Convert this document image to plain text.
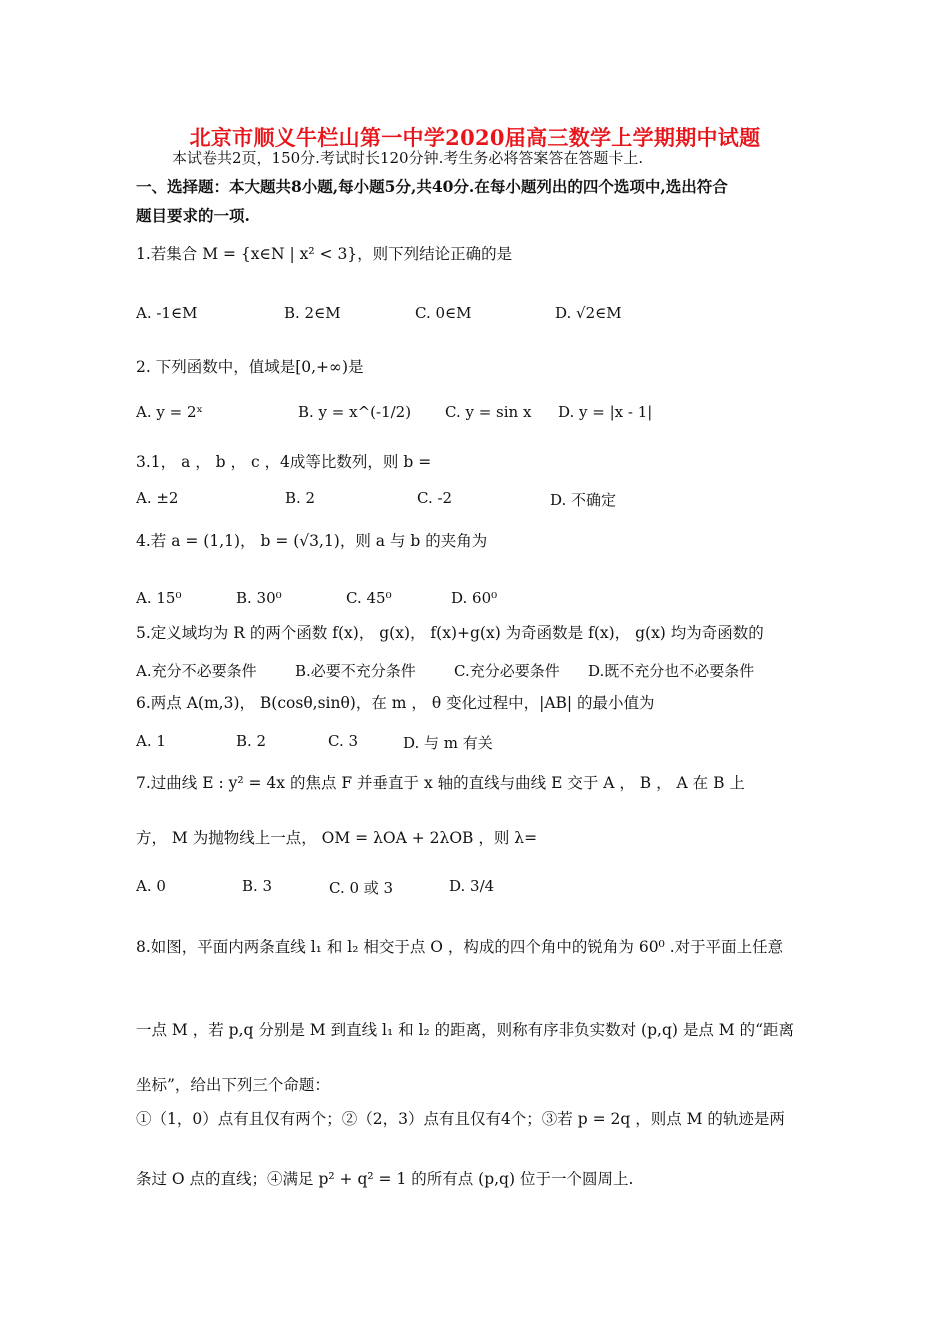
北京市顺义牛栏山第一中学2020届高三数学上学期期中试题
本试卷共2页，150分.考试时长120分钟.考生务必将答案答在答题卡上.
一、选择题：本大题共8小题,每小题5分,共40分.在每小题列出的四个选项中,选出符合
题目要求的一项.
1.若集合 M = {x∈N | x² < 3}，则下列结论正确的是
A. -1∈M	B. 2∈M	C. 0∈M	D. √2∈M
2. 下列函数中，值域是[0,+∞)是
A. y = 2ˣ	B. y = x^(-1/2) C. y = sin x D. y = |x - 1|
3.1， a ， b ， c ，4成等比数列，则 b =
A. ±2	B. 2	C. -2	D. 不确定
4.若 a = (1,1)， b = (√3,1)，则 a 与 b 的夹角为
A. 15⁰	B. 30⁰	C. 45⁰	D. 60⁰
5.定义域均为 R 的两个函数 f(x)， g(x)， f(x)+g(x) 为奇函数是 f(x)， g(x) 均为奇函数的
A.充分不必要条件	B.必要不充分条件	C.充分必要条件 D.既不充分也不必要条件
6.两点 A(m,3)， B(cosθ,sinθ)，在 m ， θ 变化过程中，|AB| 的最小值为
A. 1	B. 2	C. 3	D. 与 m 有关
7.过曲线 E : y² = 4x 的焦点 F 并垂直于 x 轴的直线与曲线 E 交于 A ， B ， A 在 B 上
方， M 为抛物线上一点， OM = λOA + 2λOB ，则 λ=
A. 0	B. 3	C. 0 或 3	D. 3/4
8.如图，平面内两条直线 l₁ 和 l₂ 相交于点 O ，构成的四个角中的锐角为 60⁰ .对于平面上任意
一点 M ，若 p,q 分别是 M 到直线 l₁ 和 l₂ 的距离，则称有序非负实数对 (p,q) 是点 M 的“距离
坐标”，给出下列三个命题：
①（1，0）点有且仅有两个；②（2，3）点有且仅有4个；③若 p = 2q ，则点 M 的轨迹是两
条过 O 点的直线；④满足 p² + q² = 1 的所有点 (p,q) 位于一个圆周上.
